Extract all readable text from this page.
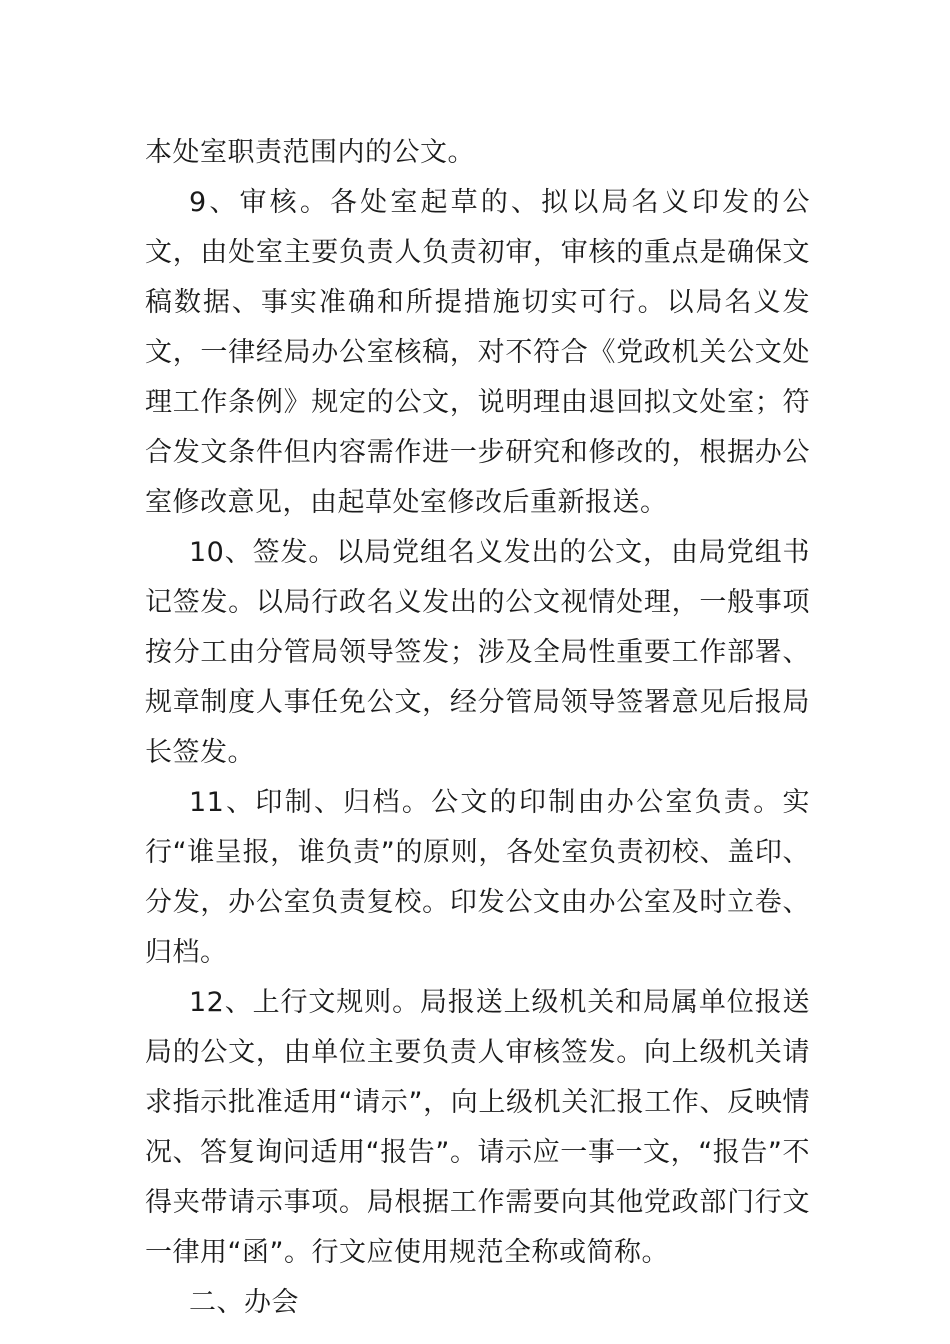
本处室职责范围内的公文。

9、审核。各处室起草的、拟以局名义印发的公文，由处室主要负责人负责初审，审核的重点是确保文稿数据、事实准确和所提措施切实可行。以局名义发文，一律经局办公室核稿，对不符合《党政机关公文处理工作条例》规定的公文，说明理由退回拟文处室；符合发文条件但内容需作进一步研究和修改的，根据办公室修改意见，由起草处室修改后重新报送。

10、签发。以局党组名义发出的公文，由局党组书记签发。以局行政名义发出的公文视情处理，一般事项按分工由分管局领导签发；涉及全局性重要工作部署、规章制度人事任免公文，经分管局领导签署意见后报局长签发。

11、印制、归档。公文的印制由办公室负责。实行“谁呈报，谁负责”的原则，各处室负责初校、盖印、分发，办公室负责复校。印发公文由办公室及时立卷、归档。

12、上行文规则。局报送上级机关和局属单位报送局的公文，由单位主要负责人审核签发。向上级机关请求指示批准适用“请示”，向上级机关汇报工作、反映情况、答复询问适用“报告”。请示应一事一文，“报告”不得夹带请示事项。局根据工作需要向其他党政部门行文一律用“函”。行文应使用规范全称或简称。

二、办会
